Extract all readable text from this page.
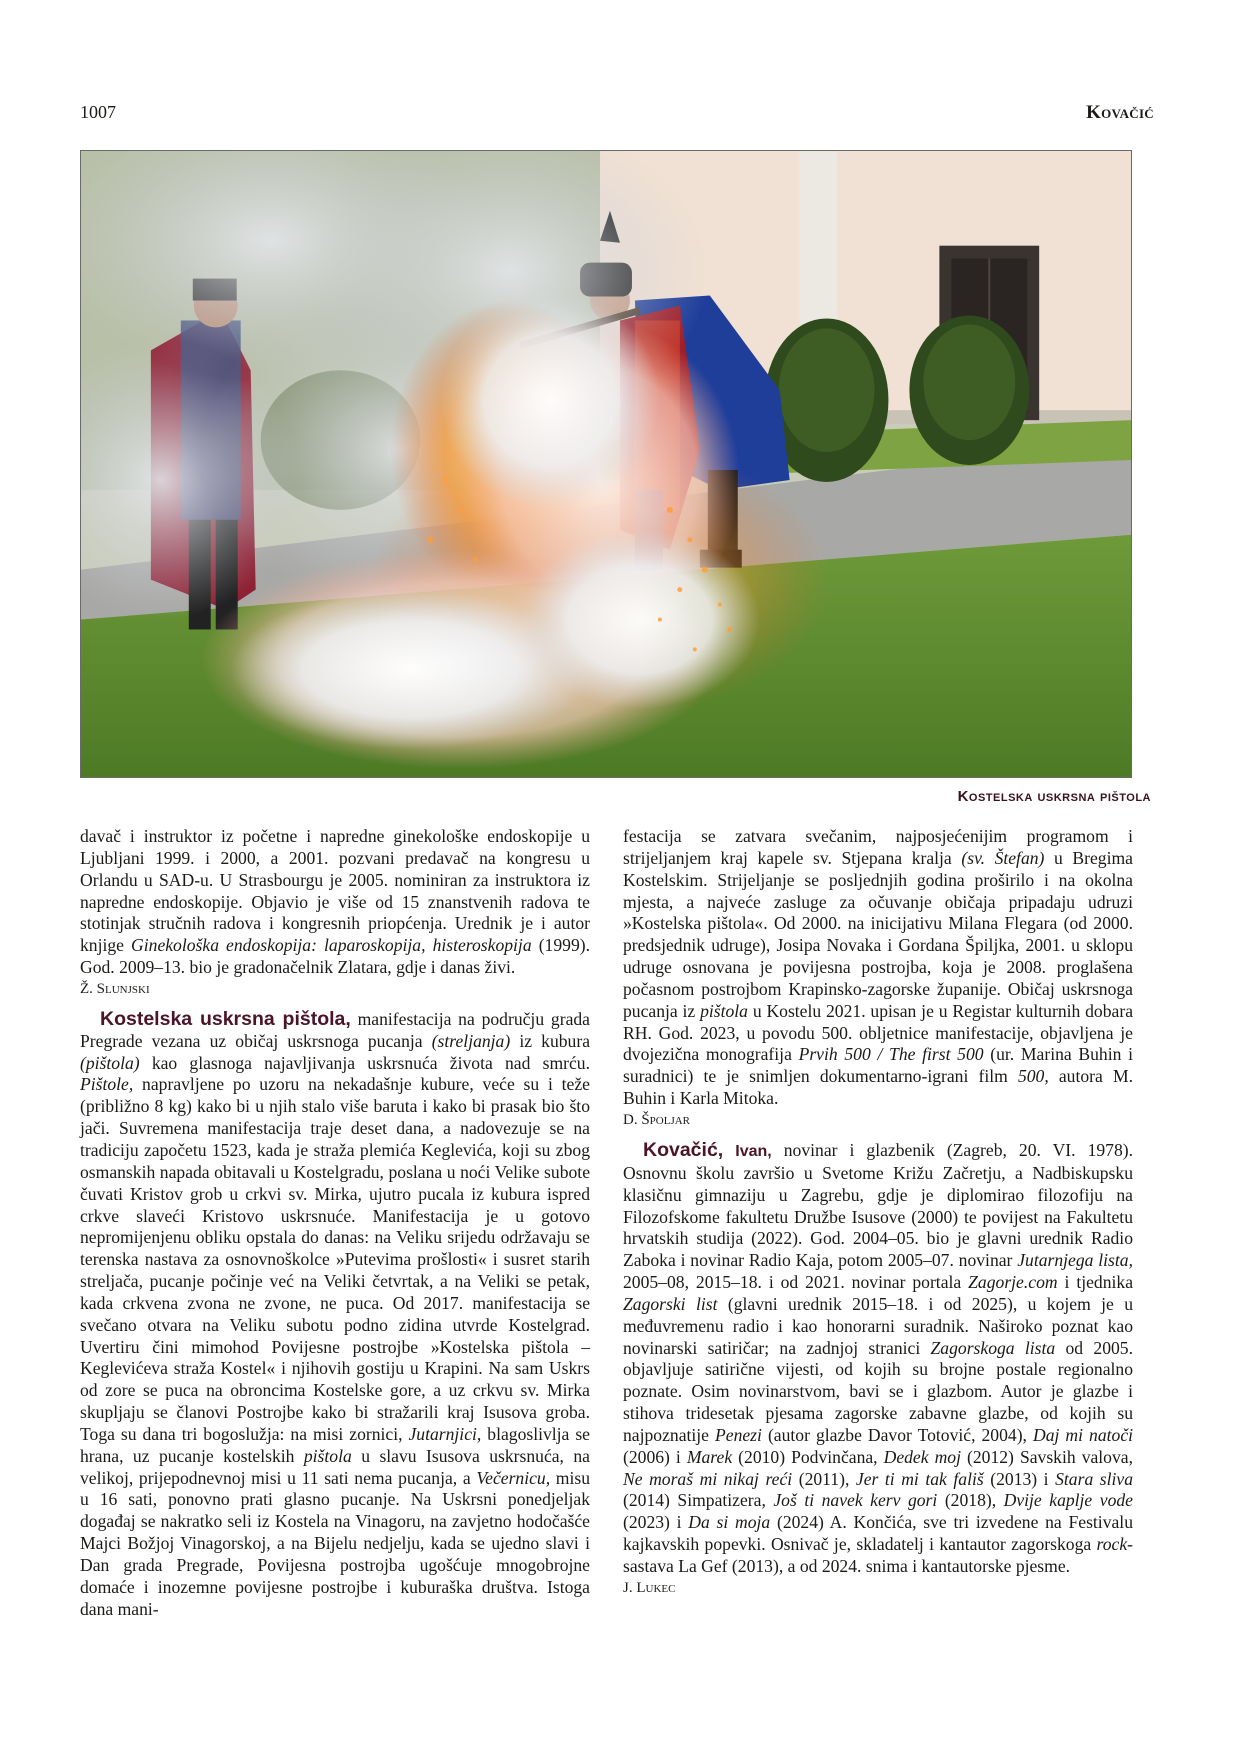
1007	Kovačić
Kostelska uskrsna pištola

davač i instruktor iz početne i napredne ginekološke endoskopije u Ljubljani 1999. i 2000, a 2001. pozvani predavač na kongresu u Orlandu u SAD-u. U Strasbourgu je 2005. nominiran za instruktora iz napredne endoskopije. Objavio je više od 15 znanstvenih radova te stotinjak stručnih radova i kongresnih priopćenja. Urednik je i autor knjige Ginekološka endoskopija: laparoskopija, histeroskopija (1999). God. 2009–13. bio je gradonačelnik Zlatara, gdje i danas živi.

Ž. Slunjski

Kostelska uskrsna pištola, manifestacija na području grada Pregrade vezana uz običaj uskrsnoga pucanja (streljanja) iz kubura (pištola) kao glasnoga najavljivanja uskrsnuća života nad smrću. Pištole, napravljene po uzoru na nekadašnje kubure, veće su i teže (približno 8 kg) kako bi u njih stalo više baruta i kako bi prasak bio što jači. Suvremena manifestacija traje deset dana, a nadovezuje se na tradiciju započetu 1523, kada je straža plemića Keglevića, koji su zbog osmanskih napada obitavali u Kostelgradu, poslana u noći Velike subote čuvati Kristov grob u crkvi sv. Mirka, ujutro pucala iz kubura ispred crkve slaveći Kristovo uskrsnuće. Manifestacija je u gotovo nepromijenjenu obliku opstala do danas: na Veliku srijedu održavaju se terenska nastava za osnovnoškolce »Putevima prošlosti« i susret starih streljača, pucanje počinje već na Veliki četvrtak, a na Veliki se petak, kada crkvena zvona ne zvone, ne puca. Od 2017. manifestacija se svečano otvara na Veliku subotu podno zidina utvrde Kostelgrad. Uvertiru čini mimohod Povijesne postrojbe »Kostelska pištola – Keglevićeva straža Kostel« i njihovih gostiju u Krapini. Na sam Uskrs od zore se puca na obroncima Kostelske gore, a uz crkvu sv. Mirka skupljaju se članovi Postrojbe kako bi stražarili kraj Isusova groba. Toga su dana tri bogoslužja: na misi zornici, Jutarnjici, blagoslivlja se hrana, uz pucanje kostelskih pištola u slavu Isusova uskrsnuća, na velikoj, prijepodnevnoj misi u 11 sati nema pucanja, a Večernicu, misu u 16 sati, ponovno prati glasno pucanje. Na Uskrsni ponedjeljak događaj se nakratko seli iz Kostela na Vinagoru, na zavjetno hodočašće Majci Božjoj Vinagorskoj, a na Bijelu nedjelju, kada se ujedno slavi i Dan grada Pregrade, Povijesna postrojba ugošćuje mnogobrojne domaće i inozemne povijesne postrojbe i kuburaška društva. Istoga dana mani-

festacija se zatvara svečanim, najposjećenijim programom i strijeljanjem kraj kapele sv. Stjepana kralja (sv. Štefan) u Bregima Kostelskim. Strijeljanje se posljednjih godina proširilo i na okolna mjesta, a najveće zasluge za očuvanje običaja pripadaju udruzi »Kostelska pištola«. Od 2000. na inicijativu Milana Flegara (od 2000. predsjednik udruge), Josipa Novaka i Gordana Špiljka, 2001. u sklopu udruge osnovana je povijesna postrojba, koja je 2008. proglašena počasnom postrojbom Krapinsko-zagorske županije. Običaj uskrsnoga pucanja iz pištola u Kostelu 2021. upisan je u Registar kulturnih dobara RH. God. 2023, u povodu 500. obljetnice manifestacije, objavljena je dvojezična monografija Prvih 500 / The first 500 (ur. Marina Buhin i suradnici) te je snimljen dokumentarno-igrani film 500, autora M. Buhin i Karla Mitoka.

D. Špoljar

Kovačić, Ivan, novinar i glazbenik (Zagreb, 20. VI. 1978). Osnovnu školu završio u Svetome Križu Začretju, a Nadbiskupsku klasičnu gimnaziju u Zagrebu, gdje je diplomirao filozofiju na Filozofskome fakultetu Družbe Isusove (2000) te povijest na Fakultetu hrvatskih studija (2022). God. 2004–05. bio je glavni urednik Radio Zaboka i novinar Radio Kaja, potom 2005–07. novinar Jutarnjega lista, 2005–08, 2015–18. i od 2021. novinar portala Zagorje.com i tjednika Zagorski list (glavni urednik 2015–18. i od 2025), u kojem je u međuvremenu radio i kao honorarni suradnik. Naširoko poznat kao novinarski satiričar; na zadnjoj stranici Zagorskoga lista od 2005. objavljuje satirične vijesti, od kojih su brojne postale regionalno poznate. Osim novinarstvom, bavi se i glazbom. Autor je glazbe i stihova tridesetak pjesama zagorske zabavne glazbe, od kojih su najpoznatije Penezi (autor glazbe Davor Totović, 2004), Daj mi natoči (2006) i Marek (2010) Podvinčana, Dedek moj (2012) Savskih valova, Ne moraš mi nikaj reći (2011), Jer ti mi tak fališ (2013) i Stara sliva (2014) Simpatizera, Još ti navek kerv gori (2018), Dvije kaplje vode (2023) i Da si moja (2024) A. Končića, sve tri izvedene na Festivalu kajkavskih popevki. Osnivač je, skladatelj i kantautor zagorskoga rock-sastava La Gef (2013), a od 2024. snima i kantautorske pjesme.

J. Lukec
